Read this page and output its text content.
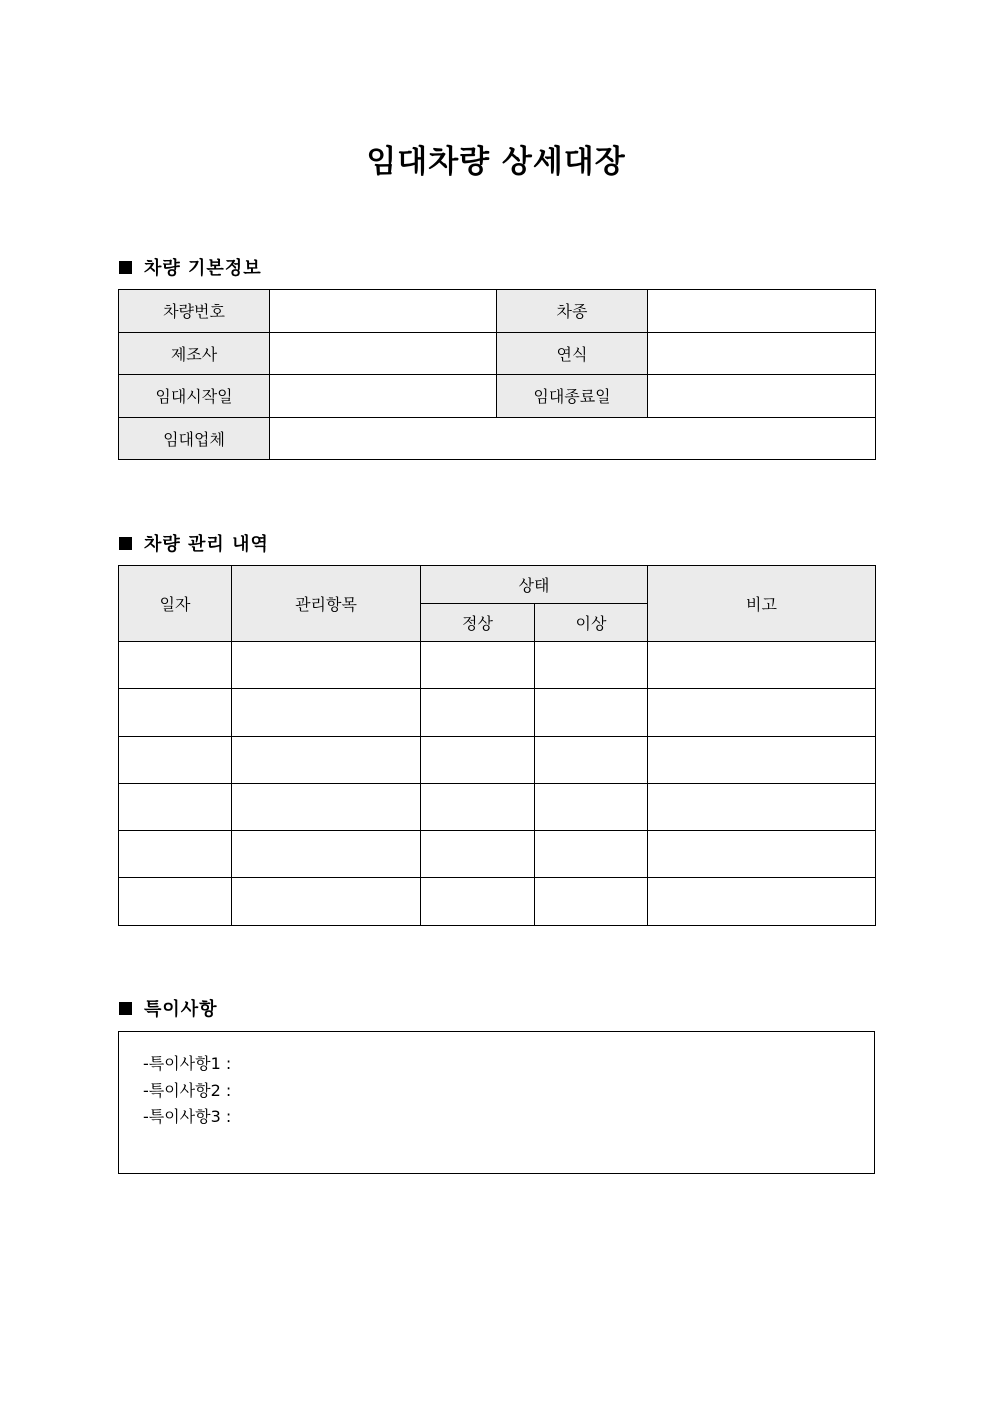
임대차량 상세대장
차량 기본정보
차량번호		차종	
제조사		연식	
임대시작일		임대종료일	
임대업체			
차량 관리 내역
일자	관리항목	상태		비고
		정상	이상	

특이사항
-특이사항1 :
-특이사항2 :
-특이사항3 :
